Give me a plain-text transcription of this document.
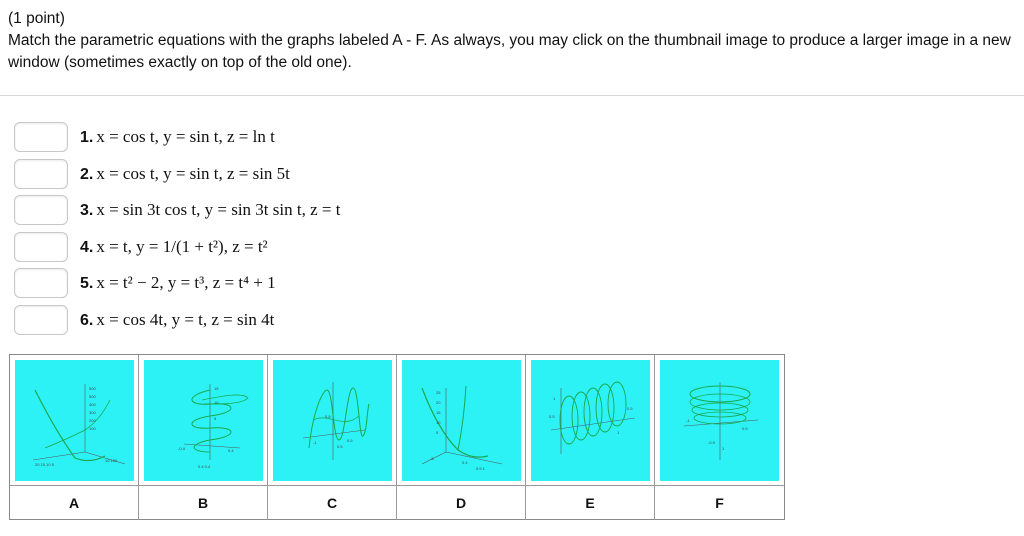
(1 point)
Match the parametric equations with the graphs labeled A - F. As always, you may click on the thumbnail image to produce a larger image in a new window (sometimes exactly on top of the old one).
1. x = cos t, y = sin t, z = ln t
2. x = cos t, y = sin t, z = sin 5t
3. x = sin 3t cos t, y = sin 3t sin t, z = t
4. x = t, y = 1/(1 + t²), z = t²
5. x = t² − 2, y = t³, z = t⁴ + 1
6. x = cos 4t, y = t, z = sin 4t
500
500
400
300
200
100
20 15 10 5
10 100
15
10
5
-0.4	0.4
0.4 0.4
0.5
0.5
-1
0.5
25
20
15
10
5
-5
0.4
0.5 1
1
0.5
0.5
1
-1
0.5
-0.5
1
A	B	C	D	E	F
